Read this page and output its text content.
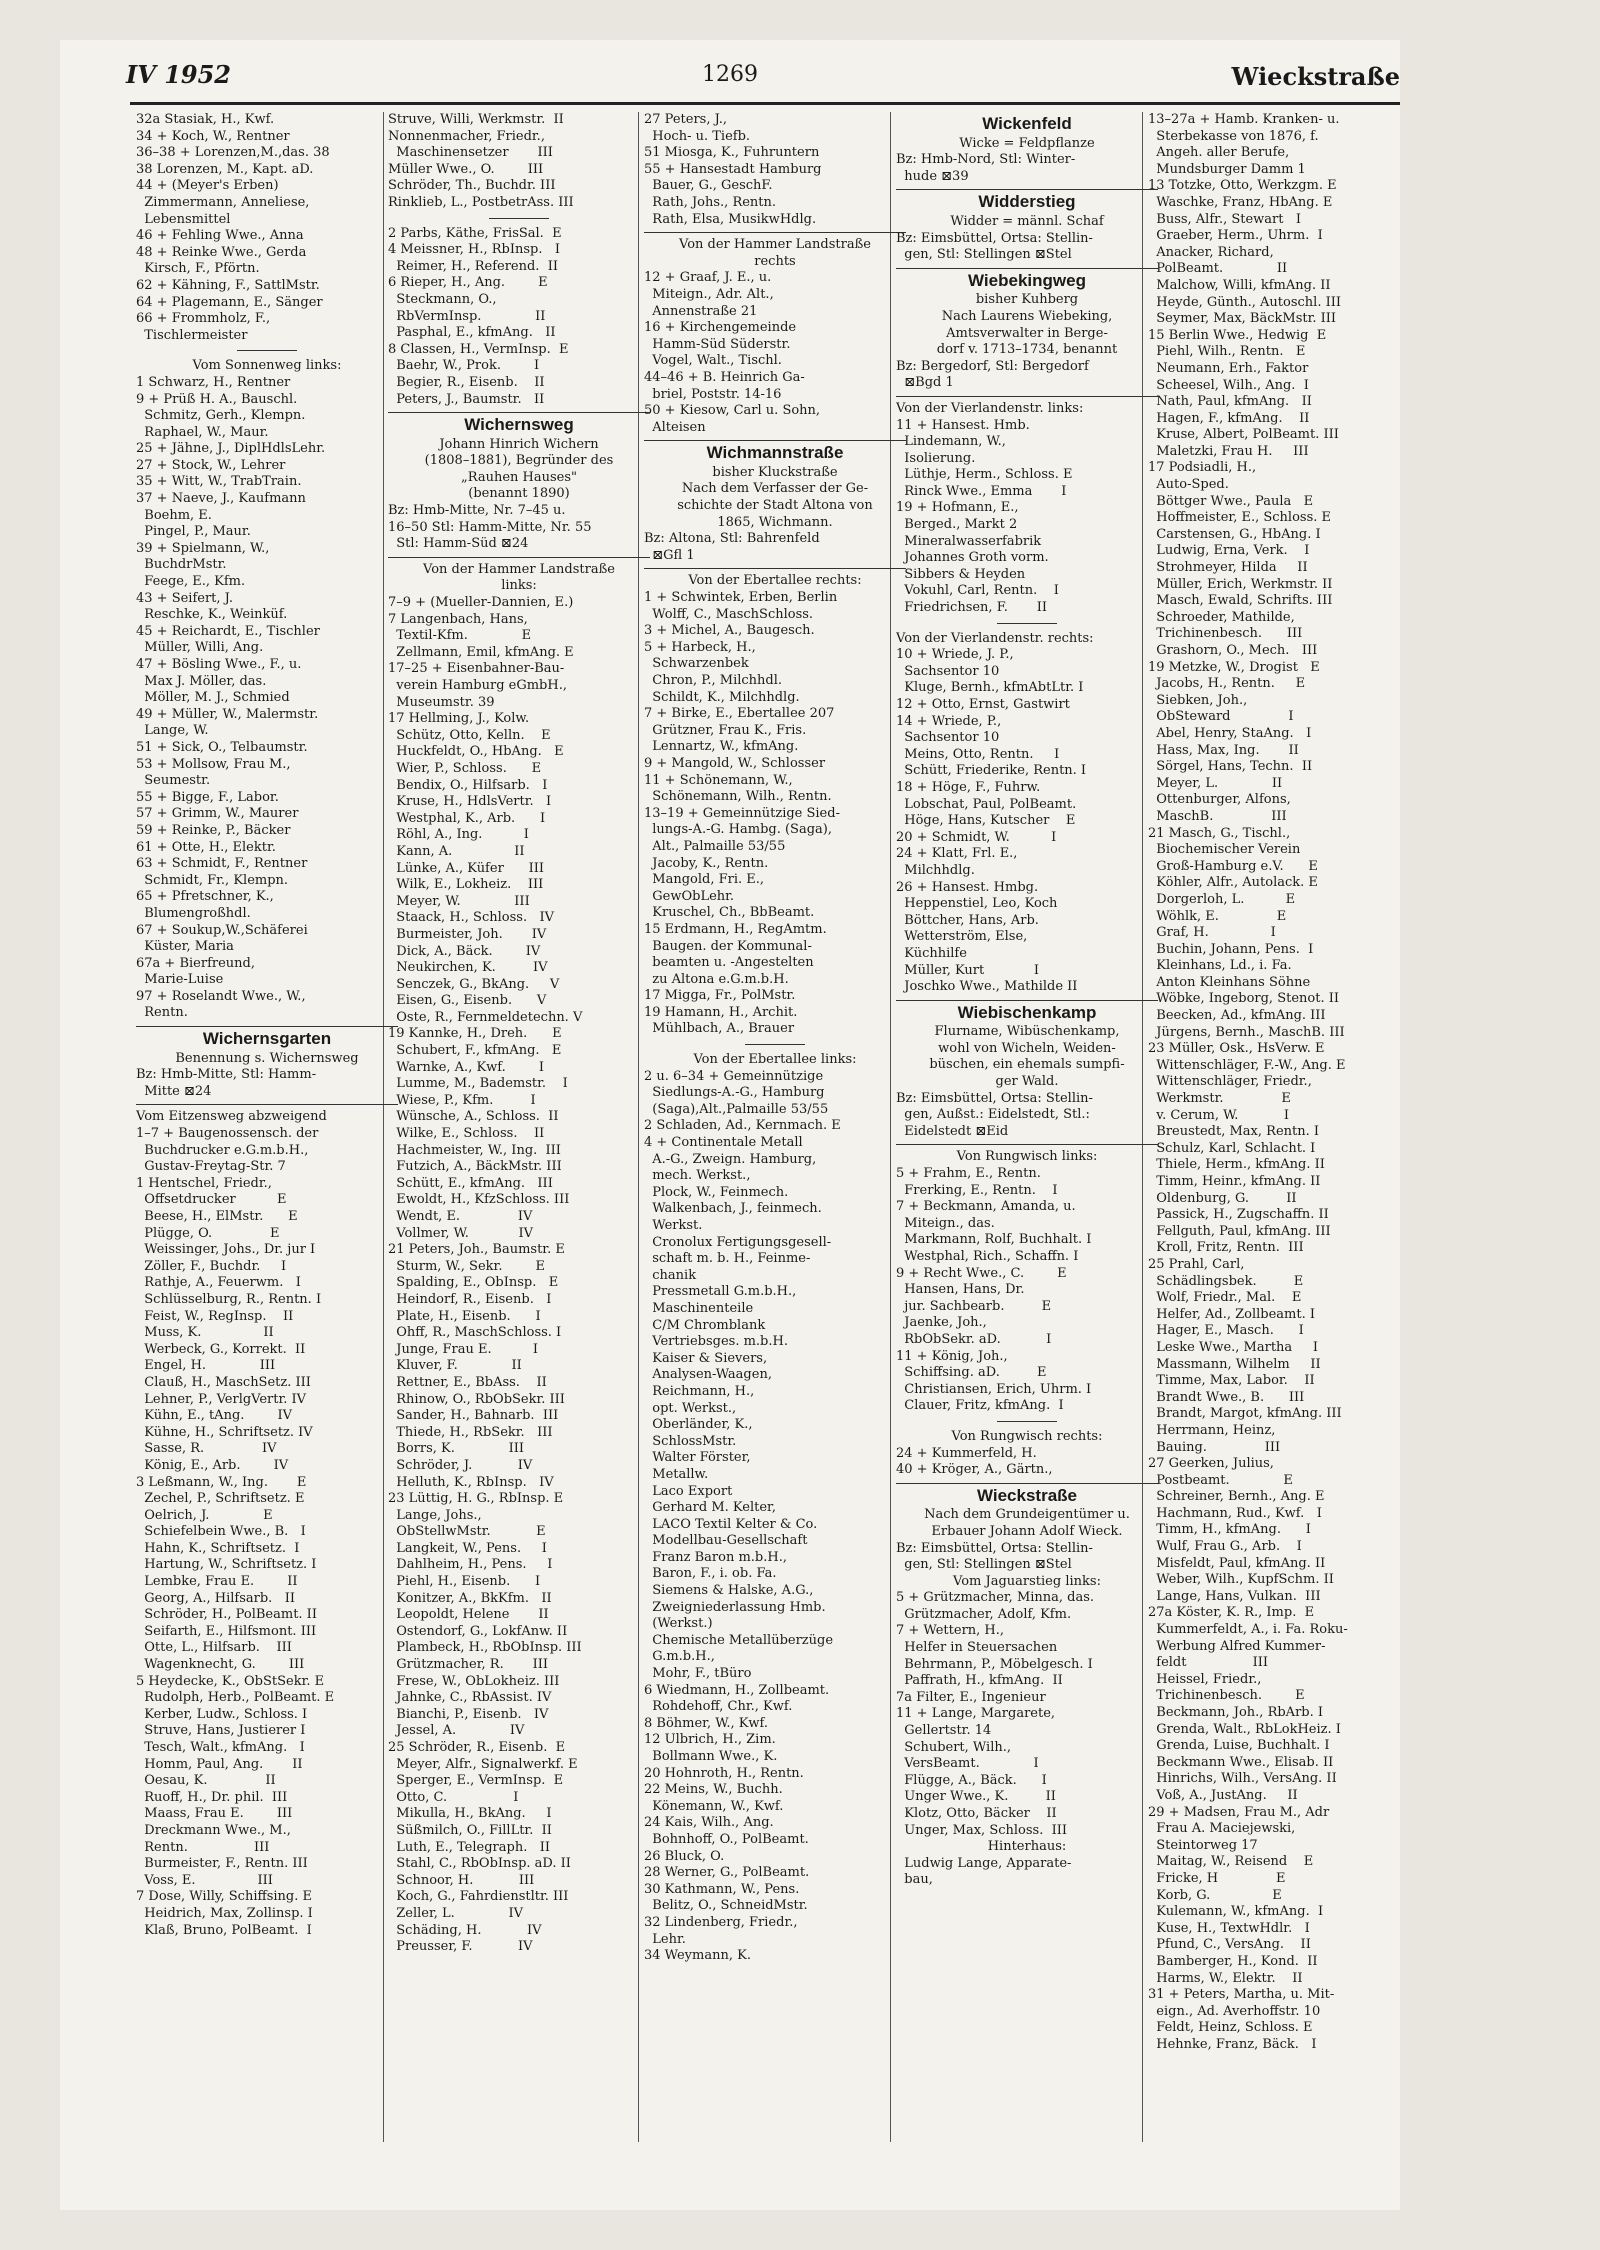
IV 1952	1269	Wieckstraße
32a Stasiak, H., Kwf.
34 + Koch, W., Rentner
36–38 + Lorenzen,M.,das. 38
38 Lorenzen, M., Kapt. aD.
44 + (Meyer's Erben)
Zimmermann, Anneliese,
Lebensmittel
46 + Fehling Wwe., Anna
48 + Reinke Wwe., Gerda
Kirsch, F., Pförtn.
62 + Kähning, F., SattlMstr.
64 + Plagemann, E., Sänger
66 + Frommholz, F.,
Tischlermeister
Vom Sonnenweg links:
1 Schwarz, H., Rentner
9 + Prüß H. A., Bauschl.
Schmitz, Gerh., Klempn.
Raphael, W., Maur.
25 + Jähne, J., DiplHdlsLehr.
27 + Stock, W., Lehrer
35 + Witt, W., TrabTrain.
37 + Naeve, J., Kaufmann
Boehm, E.
Pingel, P., Maur.
39 + Spielmann, W.,
BuchdrMstr.
Feege, E., Kfm.
43 + Seifert, J.
Reschke, K., Weinküf.
45 + Reichardt, E., Tischler
Müller, Willi, Ang.
47 + Bösling Wwe., F., u.
Max J. Möller, das.
Möller, M. J., Schmied
49 + Müller, W., Malermstr.
Lange, W.
51 + Sick, O., Telbaumstr.
53 + Mollsow, Frau M.,
Seumestr.
55 + Bigge, F., Labor.
57 + Grimm, W., Maurer
59 + Reinke, P., Bäcker
61 + Otte, H., Elektr.
63 + Schmidt, F., Rentner
Schmidt, Fr., Klempn.
65 + Pfretschner, K.,
Blumengroßhdl.
67 + Soukup,W.,Schäferei
Küster, Maria
67a + Bierfreund,
Marie-Luise
97 + Roselandt Wwe., W.,
Rentn.
Wichernsgarten
Benennung s. Wichernsweg
Bz: Hmb-Mitte, Stl: Hamm-
Mitte ⊠24
Vom Eitzensweg abzweigend
1–7 + Baugenossensch. der
Buchdrucker e.G.m.b.H.,
Gustav-Freytag-Str. 7
1 Hentschel, Friedr.,
Offsetdrucker          E
Beese, H., ElMstr.      E
Plügge, O.              E
Weissinger, Johs., Dr. jur I
Zöller, F., Buchdr.     I
Rathje, A., Feuerwm.   I
Schlüsselburg, R., Rentn. I
Feist, W., RegInsp.    II
Muss, K.               II
Werbeck, G., Korrekt.  II
Engel, H.             III
Clauß, H., MaschSetz. III
Lehner, P., VerlgVertr. IV
Kühn, E., tAng.        IV
Kühne, H., Schriftsetz. IV
Sasse, R.              IV
König, E., Arb.        IV
3 Leßmann, W., Ing.       E
Zechel, P., Schriftsetz. E
Oelrich, J.             E
Schiefelbein Wwe., B.   I
Hahn, K., Schriftsetz.  I
Hartung, W., Schriftsetz. I
Lembke, Frau E.        II
Georg, A., Hilfsarb.   II
Schröder, H., PolBeamt. II
Seifarth, E., Hilfsmont. III
Otte, L., Hilfsarb.    III
Wagenknecht, G.        III
5 Heydecke, K., ObStSekr. E
Rudolph, Herb., PolBeamt. E
Kerber, Ludw., Schloss. I
Struve, Hans, Justierer I
Tesch, Walt., kfmAng.   I
Homm, Paul, Ang.       II
Oesau, K.              II
Ruoff, H., Dr. phil.  III
Maass, Frau E.        III
Dreckmann Wwe., M.,
Rentn.                III
Burmeister, F., Rentn. III
Voss, E.               III
7 Dose, Willy, Schiffsing. E
Heidrich, Max, Zollinsp. I
Klaß, Bruno, PolBeamt.  I
Struve, Willi, Werkmstr.  II
Nonnenmacher, Friedr.,
Maschinensetzer       III
Müller Wwe., O.        III
Schröder, Th., Buchdr. III
Rinklieb, L., PostbetrAss. III
2 Parbs, Käthe, FrisSal.  E
4 Meissner, H., RbInsp.   I
Reimer, H., Referend.  II
6 Rieper, H., Ang.        E
Steckmann, O.,
RbVermInsp.             II
Pasphal, E., kfmAng.   II
8 Classen, H., VermInsp.  E
Baehr, W., Prok.        I
Begier, R., Eisenb.    II
Peters, J., Baumstr.   II
Wichernsweg
Johann Hinrich Wichern
(1808–1881), Begründer des
„Rauhen Hauses"
(benannt 1890)
Bz: Hmb-Mitte, Nr. 7–45 u.
16–50 Stl: Hamm-Mitte, Nr. 55
Stl: Hamm-Süd ⊠24
Von der Hammer Landstraße
links:
7–9 + (Mueller-Dannien, E.)
7 Langenbach, Hans,
Textil-Kfm.             E
Zellmann, Emil, kfmAng. E
17–25 + Eisenbahner-Bau-
verein Hamburg eGmbH.,
Museumstr. 39
17 Hellming, J., Kolw.
Schütz, Otto, Kelln.    E
Huckfeldt, O., HbAng.   E
Wier, P., Schloss.      E
Bendix, O., Hilfsarb.   I
Kruse, H., HdlsVertr.   I
Westphal, K., Arb.      I
Röhl, A., Ing.          I
Kann, A.               II
Lünke, A., Küfer      III
Wilk, E., Lokheiz.    III
Meyer, W.             III
Staack, H., Schloss.   IV
Burmeister, Joh.       IV
Dick, A., Bäck.        IV
Neukirchen, K.         IV
Senczek, G., BkAng.     V
Eisen, G., Eisenb.      V
Oste, R., Fernmeldetechn. V
19 Kannke, H., Dreh.      E
Schubert, F., kfmAng.   E
Warnke, A., Kwf.        I
Lumme, M., Bademstr.    I
Wiese, P., Kfm.         I
Wünsche, A., Schloss.  II
Wilke, E., Schloss.    II
Hachmeister, W., Ing.  III
Futzich, A., BäckMstr. III
Schütt, E., kfmAng.   III
Ewoldt, H., KfzSchloss. III
Wendt, E.              IV
Vollmer, W.            IV
21 Peters, Joh., Baumstr. E
Sturm, W., Sekr.        E
Spalding, E., ObInsp.   E
Heindorf, R., Eisenb.   I
Plate, H., Eisenb.      I
Ohff, R., MaschSchloss. I
Junge, Frau E.          I
Kluver, F.             II
Rettner, E., BbAss.    II
Rhinow, O., RbObSekr. III
Sander, H., Bahnarb.  III
Thiede, H., RbSekr.   III
Borrs, K.             III
Schröder, J.           IV
Helluth, K., RbInsp.   IV
23 Lüttig, H. G., RbInsp. E
Lange, Johs.,
ObStellwMstr.           E
Langkeit, W., Pens.     I
Dahlheim, H., Pens.     I
Piehl, H., Eisenb.      I
Konitzer, A., BkKfm.   II
Leopoldt, Helene       II
Ostendorf, G., LokfAnw. II
Plambeck, H., RbObInsp. III
Grützmacher, R.       III
Frese, W., ObLokheiz. III
Jahnke, C., RbAssist. IV
Bianchi, P., Eisenb.   IV
Jessel, A.             IV
25 Schröder, R., Eisenb.  E
Meyer, Alfr., Signalwerkf. E
Sperger, E., VermInsp.  E
Otto, C.                I
Mikulla, H., BkAng.     I
Süßmilch, O., FillLtr.  II
Luth, E., Telegraph.   II
Stahl, C., RbObInsp. aD. II
Schnoor, H.           III
Koch, G., Fahrdienstltr. III
Zeller, L.             IV
Schäding, H.           IV
Preusser, F.           IV
27 Peters, J.,
Hoch- u. Tiefb.
51 Miosga, K., Fuhruntern
55 + Hansestadt Hamburg
Bauer, G., GeschF.
Rath, Johs., Rentn.
Rath, Elsa, MusikwHdlg.
Von der Hammer Landstraße
rechts
12 + Graaf, J. E., u.
Miteign., Adr. Alt.,
Annenstraße 21
16 + Kirchengemeinde
Hamm-Süd Süderstr.
Vogel, Walt., Tischl.
44–46 + B. Heinrich Ga-
briel, Poststr. 14-16
50 + Kiesow, Carl u. Sohn,
Alteisen
Wichmannstraße
bisher Kluckstraße
Nach dem Verfasser der Ge-
schichte der Stadt Altona von
1865, Wichmann.
Bz: Altona, Stl: Bahrenfeld
⊠Gfl 1
Von der Ebertallee rechts:
1 + Schwintek, Erben, Berlin
Wolff, C., MaschSchloss.
3 + Michel, A., Baugesch.
5 + Harbeck, H.,
Schwarzenbek
Chron, P., Milchhdl.
Schildt, K., Milchhdlg.
7 + Birke, E., Ebertallee 207
Grützner, Frau K., Fris.
Lennartz, W., kfmAng.
9 + Mangold, W., Schlosser
11 + Schönemann, W.,
Schönemann, Wilh., Rentn.
13–19 + Gemeinnützige Sied-
lungs-A.-G. Hambg. (Saga),
Alt., Palmaille 53/55
Jacoby, K., Rentn.
Mangold, Fri. E.,
GewObLehr.
Kruschel, Ch., BbBeamt.
15 Erdmann, H., RegAmtm.
Baugen. der Kommunal-
beamten u. -Angestelten
zu Altona e.G.m.b.H.
17 Migga, Fr., PolMstr.
19 Hamann, H., Archit.
Mühlbach, A., Brauer
Von der Ebertallee links:
2 u. 6–34 + Gemeinnützige
Siedlungs-A.-G., Hamburg
(Saga),Alt.,Palmaille 53/55
2 Schladen, Ad., Kernmach. E
4 + Continentale Metall
A.-G., Zweign. Hamburg,
mech. Werkst.,
Plock, W., Feinmech.
Walkenbach, J., feinmech.
Werkst.
Cronolux Fertigungsgesell-
schaft m. b. H., Feinme-
chanik
Pressmetall G.m.b.H.,
Maschinenteile
C/M Chromblank
Vertriebsges. m.b.H.
Kaiser & Sievers,
Analysen-Waagen,
Reichmann, H.,
opt. Werkst.,
Oberländer, K.,
SchlossMstr.
Walter Förster,
Metallw.
Laco Export
Gerhard M. Kelter,
LACO Textil Kelter & Co.
Modellbau-Gesellschaft
Franz Baron m.b.H.,
Baron, F., i. ob. Fa.
Siemens & Halske, A.G.,
Zweigniederlassung Hmb.
(Werkst.)
Chemische Metallüberzüge
G.m.b.H.,
Mohr, F., tBüro
6 Wiedmann, H., Zollbeamt.
Rohdehoff, Chr., Kwf.
8 Böhmer, W., Kwf.
12 Ulbrich, H., Zim.
Bollmann Wwe., K.
20 Hohnroth, H., Rentn.
22 Meins, W., Buchh.
Könemann, W., Kwf.
24 Kais, Wilh., Ang.
Bohnhoff, O., PolBeamt.
26 Bluck, O.
28 Werner, G., PolBeamt.
30 Kathmann, W., Pens.
Belitz, O., SchneidMstr.
32 Lindenberg, Friedr.,
Lehr.
34 Weymann, K.
Wickenfeld
Wicke = Feldpflanze
Bz: Hmb-Nord, Stl: Winter-
hude ⊠39
Widderstieg
Widder = männl. Schaf
Bz: Eimsbüttel, Ortsa: Stellin-
gen, Stl: Stellingen ⊠Stel
Wiebekingweg
bisher Kuhberg
Nach Laurens Wiebeking,
Amtsverwalter in Berge-
dorf v. 1713–1734, benannt
Bz: Bergedorf, Stl: Bergedorf
⊠Bgd 1
Von der Vierlandenstr. links:
11 + Hansest. Hmb.
Lindemann, W.,
Isolierung.
Lüthje, Herm., Schloss. E
Rinck Wwe., Emma       I
19 + Hofmann, E.,
Berged., Markt 2
Mineralwasserfabrik
Johannes Groth vorm.
Sibbers & Heyden
Vokuhl, Carl, Rentn.    I
Friedrichsen, F.       II
Von der Vierlandenstr. rechts:
10 + Wriede, J. P.,
Sachsentor 10
Kluge, Bernh., kfmAbtLtr. I
12 + Otto, Ernst, Gastwirt
14 + Wriede, P.,
Sachsentor 10
Meins, Otto, Rentn.     I
Schütt, Friederike, Rentn. I
18 + Höge, F., Fuhrw.
Lobschat, Paul, PolBeamt.
Höge, Hans, Kutscher    E
20 + Schmidt, W.          I
24 + Klatt, Frl. E.,
Milchhdlg.
26 + Hansest. Hmbg.
Heppenstiel, Leo, Koch
Böttcher, Hans, Arb.
Wetterström, Else,
Küchhilfe
Müller, Kurt            I
Joschko Wwe., Mathilde II
Wiebischenkamp
Flurname, Wibüschenkamp,
wohl von Wicheln, Weiden-
büschen, ein ehemals sumpfi-
ger Wald.
Bz: Eimsbüttel, Ortsa: Stellin-
gen, Außst.: Eidelstedt, Stl.:
Eidelstedt ⊠Eid
Von Rungwisch links:
5 + Frahm, E., Rentn.
Frerking, E., Rentn.    I
7 + Beckmann, Amanda, u.
Miteign., das.
Markmann, Rolf, Buchhalt. I
Westphal, Rich., Schaffn. I
9 + Recht Wwe., C.        E
Hansen, Hans, Dr.
jur. Sachbearb.         E
Jaenke, Joh.,
RbObSekr. aD.           I
11 + König, Joh.,
Schiffsing. aD.         E
Christiansen, Erich, Uhrm. I
Clauer, Fritz, kfmAng.  I
Von Rungwisch rechts:
24 + Kummerfeld, H.
40 + Kröger, A., Gärtn.,
Wieckstraße
Nach dem Grundeigentümer u.
Erbauer Johann Adolf Wieck.
Bz: Eimsbüttel, Ortsa: Stellin-
gen, Stl: Stellingen ⊠Stel
Vom Jaguarstieg links:
5 + Grützmacher, Minna, das.
Grützmacher, Adolf, Kfm.
7 + Wettern, H.,
Helfer in Steuersachen
Behrmann, P., Möbelgesch. I
Paffrath, H., kfmAng.  II
7a Filter, E., Ingenieur
11 + Lange, Margarete,
Gellertstr. 14
Schubert, Wilh.,
VersBeamt.             I
Flügge, A., Bäck.      I
Unger Wwe., K.         II
Klotz, Otto, Bäcker    II
Unger, Max, Schloss.  III
Hinterhaus:
Ludwig Lange, Apparate-
bau,
13–27a + Hamb. Kranken- u.
Sterbekasse von 1876, f.
Angeh. aller Berufe,
Mundsburger Damm 1
13 Totzke, Otto, Werkzgm. E
Waschke, Franz, HbAng. E
Buss, Alfr., Stewart   I
Graeber, Herm., Uhrm.  I
Anacker, Richard,
PolBeamt.             II
Malchow, Willi, kfmAng. II
Heyde, Günth., Autoschl. III
Seymer, Max, BäckMstr. III
15 Berlin Wwe., Hedwig  E
Piehl, Wilh., Rentn.   E
Neumann, Erh., Faktor
Scheesel, Wilh., Ang.  I
Nath, Paul, kfmAng.   II
Hagen, F., kfmAng.    II
Kruse, Albert, PolBeamt. III
Maletzki, Frau H.     III
17 Podsiadli, H.,
Auto-Sped.
Böttger Wwe., Paula   E
Hoffmeister, E., Schloss. E
Carstensen, G., HbAng. I
Ludwig, Erna, Verk.    I
Strohmeyer, Hilda     II
Müller, Erich, Werkmstr. II
Masch, Ewald, Schrifts. III
Schroeder, Mathilde,
Trichinenbesch.      III
Grashorn, O., Mech.   III
19 Metzke, W., Drogist   E
Jacobs, H., Rentn.     E
Siebken, Joh.,
ObSteward              I
Abel, Henry, StaAng.   I
Hass, Max, Ing.       II
Sörgel, Hans, Techn.  II
Meyer, L.             II
Ottenburger, Alfons,
MaschB.              III
21 Masch, G., Tischl.,
Biochemischer Verein
Groß-Hamburg e.V.      E
Köhler, Alfr., Autolack. E
Dorgerloh, L.          E
Wöhlk, E.              E
Graf, H.               I
Buchin, Johann, Pens.  I
Kleinhans, Ld., i. Fa.
Anton Kleinhans Söhne
Wöbke, Ingeborg, Stenot. II
Beecken, Ad., kfmAng. III
Jürgens, Bernh., MaschB. III
23 Müller, Osk., HsVerw. E
Wittenschläger, F.-W., Ang. E
Wittenschläger, Friedr.,
Werkmstr.              E
v. Cerum, W.           I
Breustedt, Max, Rentn. I
Schulz, Karl, Schlacht. I
Thiele, Herm., kfmAng. II
Timm, Heinr., kfmAng. II
Oldenburg, G.         II
Passick, H., Zugschaffn. II
Fellguth, Paul, kfmAng. III
Kroll, Fritz, Rentn.  III
25 Prahl, Carl,
Schädlingsbek.         E
Wolf, Friedr., Mal.    E
Helfer, Ad., Zollbeamt. I
Hager, E., Masch.      I
Leske Wwe., Martha     I
Massmann, Wilhelm     II
Timme, Max, Labor.    II
Brandt Wwe., B.      III
Brandt, Margot, kfmAng. III
Herrmann, Heinz,
Bauing.              III
27 Geerken, Julius,
Postbeamt.             E
Schreiner, Bernh., Ang. E
Hachmann, Rud., Kwf.   I
Timm, H., kfmAng.      I
Wulf, Frau G., Arb.    I
Misfeldt, Paul, kfmAng. II
Weber, Wilh., KupfSchm. II
Lange, Hans, Vulkan.  III
27a Köster, K. R., Imp.  E
Kummerfeldt, A., i. Fa. Roku-
Werbung Alfred Kummer-
feldt                III
Heissel, Friedr.,
Trichinenbesch.        E
Beckmann, Joh., RbArb. I
Grenda, Walt., RbLokHeiz. I
Grenda, Luise, Buchhalt. I
Beckmann Wwe., Elisab. II
Hinrichs, Wilh., VersAng. II
Voß, A., JustAng.     II
29 + Madsen, Frau M., Adr
Frau A. Maciejewski,
Steintorweg 17
Maitag, W., Reisend    E
Fricke, H              E
Korb, G.               E
Kulemann, W., kfmAng.  I
Kuse, H., TextwHdlr.   I
Pfund, C., VersAng.    II
Bamberger, H., Kond.  II
Harms, W., Elektr.    II
31 + Peters, Martha, u. Mit-
eign., Ad. Averhoffstr. 10
Feldt, Heinz, Schloss. E
Hehnke, Franz, Bäck.   I
